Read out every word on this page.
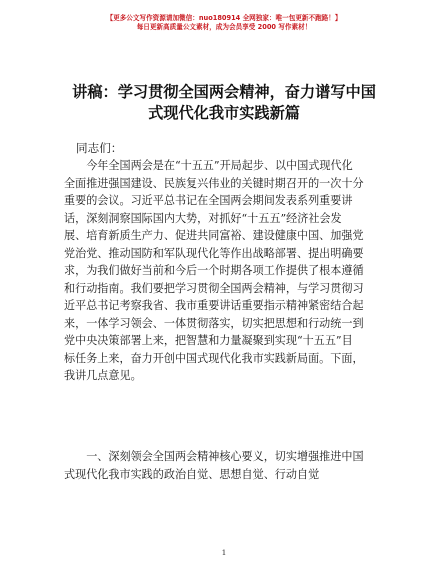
【更多公文写作资源请加微信：nuo180914 全网独家：唯一包更新不跑路！】
每日更新高质量公文素材，成为会员享受 2000 写作素材！
讲稿：学习贯彻全国两会精神，奋力谱写中国
式现代化我市实践新篇
同志们：
　　今年全国两会是在“十五五”开局起步、以中国式现代化
全面推进强国建设、民族复兴伟业的关键时期召开的一次十分
重要的会议。习近平总书记在全国两会期间发表系列重要讲
话，深刻洞察国际国内大势，对抓好“十五五”经济社会发
展、培育新质生产力、促进共同富裕、建设健康中国、加强党
党治党、推动国防和军队现代化等作出战略部署、提出明确要
求，为我们做好当前和今后一个时期各项工作提供了根本遵循
和行动指南。我们要把学习贯彻全国两会精神，与学习贯彻习
近平总书记考察我省、我市重要讲话重要指示精神紧密结合起
来，一体学习领会、一体贯彻落实，切实把思想和行动统一到
党中央决策部署上来，把智慧和力量凝聚到实现“十五五”目
标任务上来，奋力开创中国式现代化我市实践新局面。下面，
我讲几点意见。
　　一、深刻领会全国两会精神核心要义，切实增强推进中国
式现代化我市实践的政治自觉、思想自觉、行动自觉
1
